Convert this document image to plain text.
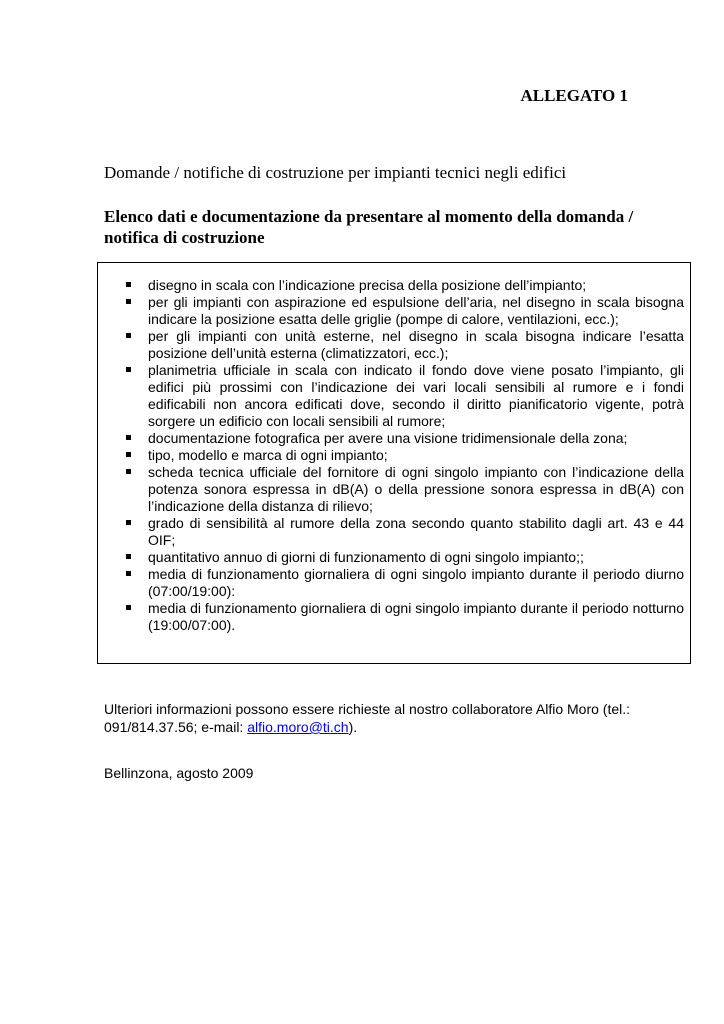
ALLEGATO 1
Domande / notifiche di costruzione per impianti tecnici negli edifici
Elenco dati e documentazione da presentare al momento della domanda / notifica di costruzione
disegno in scala con l’indicazione precisa della posizione dell’impianto;
per gli impianti con aspirazione ed espulsione dell’aria, nel disegno in scala bisogna indicare la posizione esatta delle griglie (pompe di calore, ventilazioni, ecc.);
per gli impianti con unità esterne, nel disegno in scala bisogna indicare l’esatta posizione dell’unità esterna (climatizzatori, ecc.);
planimetria ufficiale in scala con indicato il fondo dove viene posato l’impianto, gli edifici più prossimi con l’indicazione dei vari locali sensibili al rumore e i fondi edificabili non ancora edificati dove, secondo il diritto pianificatorio vigente, potrà sorgere un edificio con locali sensibili al rumore;
documentazione fotografica per avere una visione tridimensionale della zona;
tipo, modello e marca di ogni impianto;
scheda tecnica ufficiale del fornitore di ogni singolo impianto con l’indicazione della potenza sonora espressa in dB(A) o della pressione sonora espressa in dB(A) con l’indicazione della distanza di rilievo;
grado di sensibilità al rumore della zona secondo quanto stabilito dagli art. 43 e 44 OIF;
quantitativo annuo di giorni di funzionamento di ogni singolo impianto;;
media di funzionamento giornaliera di ogni singolo impianto durante il periodo diurno (07:00/19:00):
media di funzionamento giornaliera di ogni singolo impianto durante il periodo notturno (19:00/07:00).
Ulteriori informazioni possono essere richieste al nostro collaboratore Alfio Moro (tel.: 091/814.37.56; e-mail: alfio.moro@ti.ch).
Bellinzona, agosto 2009
